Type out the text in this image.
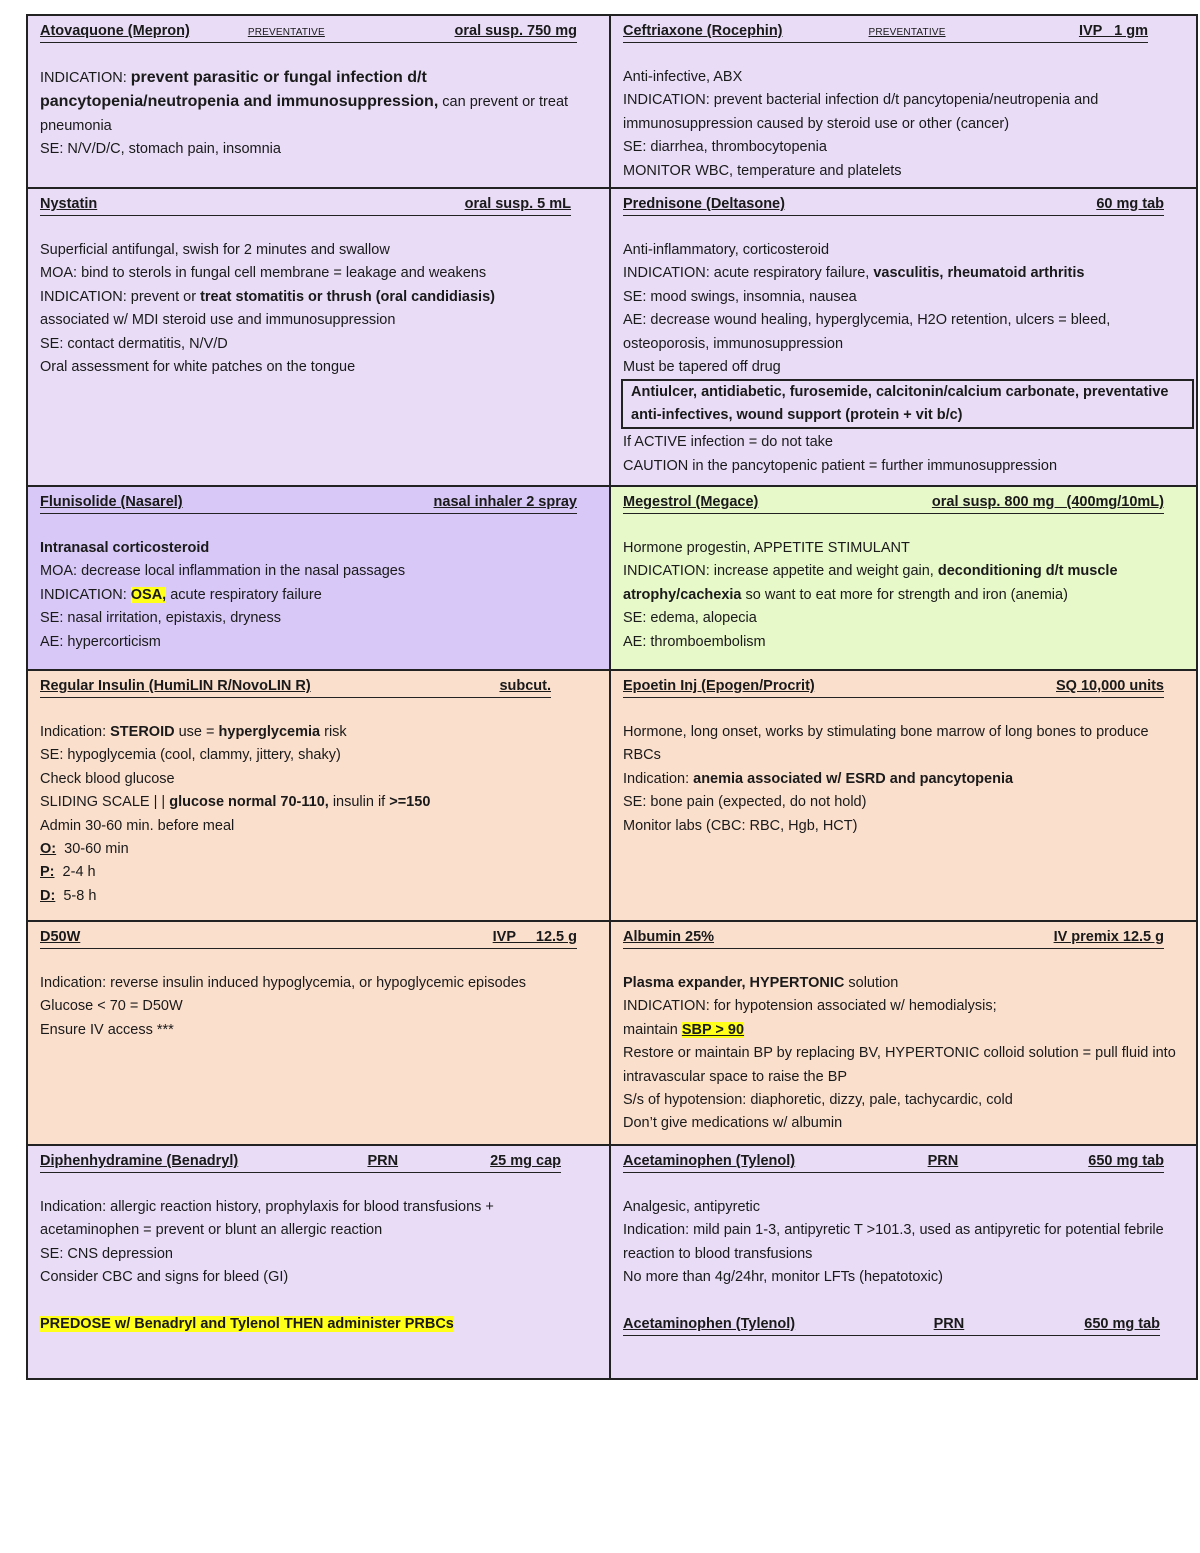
Atovaquone (Mepron)	PREVENTATIVE	oral susp. 750 mg
INDICATION: prevent parasitic or fungal infection d/t pancytopenia/neutropenia and immunosuppression, can prevent or treat pneumonia
SE: N/V/D/C, stomach pain, insomnia
Ceftriaxone (Rocephin)	PREVENTATIVE	IVP   1 gm
Anti-infective, ABX
INDICATION: prevent bacterial infection d/t pancytopenia/neutropenia and immunosuppression caused by steroid use or other (cancer)
SE: diarrhea, thrombocytopenia
MONITOR WBC, temperature and platelets
Nystatin	oral susp. 5 mL
Superficial antifungal, swish for 2 minutes and swallow
MOA: bind to sterols in fungal cell membrane = leakage and weakens
INDICATION: prevent or treat stomatitis or thrush (oral candidiasis)
associated w/ MDI steroid use and immunosuppression
SE: contact dermatitis, N/V/D
Oral assessment for white patches on the tongue
Prednisone (Deltasone)	60 mg tab
Anti-inflammatory, corticosteroid
INDICATION: acute respiratory failure, vasculitis, rheumatoid arthritis
SE: mood swings, insomnia, nausea
AE: decrease wound healing, hyperglycemia, H2O retention, ulcers = bleed, osteoporosis, immunosuppression
Must be tapered off drug
Antiulcer, antidiabetic, furosemide, calcitonin/calcium carbonate, preventative anti-infectives, wound support (protein + vit b/c)
If ACTIVE infection = do not take
CAUTION in the pancytopenic patient = further immunosuppression
Flunisolide (Nasarel)	nasal inhaler 2 spray
Intranasal corticosteroid
MOA: decrease local inflammation in the nasal passages
INDICATION: OSA, acute respiratory failure
SE: nasal irritation, epistaxis, dryness
AE: hypercorticism
Megestrol (Megace)	oral susp. 800 mg   (400mg/10mL)
Hormone progestin, APPETITE STIMULANT
INDICATION: increase appetite and weight gain, deconditioning d/t muscle atrophy/cachexia so want to eat more for strength and iron (anemia)
SE: edema, alopecia
AE: thromboembolism
Regular Insulin (HumiLIN R/NovoLIN R)	subcut.
Indication: STEROID use = hyperglycemia risk
SE: hypoglycemia (cool, clammy, jittery, shaky)
Check blood glucose
SLIDING SCALE | | glucose normal 70-110, insulin if >=150
Admin 30-60 min. before meal
O:  30-60 min
P:  2-4 h
D:  5-8 h
Epoetin Inj (Epogen/Procrit)	SQ 10,000 units
Hormone, long onset, works by stimulating bone marrow of long bones to produce RBCs
Indication: anemia associated w/ ESRD and pancytopenia
SE: bone pain (expected, do not hold)
Monitor labs (CBC: RBC, Hgb, HCT)
D50W	IVP     12.5 g
Indication: reverse insulin induced hypoglycemia, or hypoglycemic episodes
Glucose < 70 = D50W
Ensure IV access ***
Albumin 25%	IV premix 12.5 g
Plasma expander, HYPERTONIC solution
INDICATION: for hypotension associated w/ hemodialysis;
maintain SBP > 90
Restore or maintain BP by replacing BV, HYPERTONIC colloid solution = pull fluid into intravascular space to raise the BP
S/s of hypotension: diaphoretic, dizzy, pale, tachycardic, cold
Don’t give medications w/ albumin
Diphenhydramine (Benadryl)	PRN	25 mg cap
Indication: allergic reaction history, prophylaxis for blood transfusions + acetaminophen = prevent or blunt an allergic reaction
SE: CNS depression
Consider CBC and signs for bleed (GI)
PREDOSE w/ Benadryl and Tylenol THEN administer PRBCs
Acetaminophen (Tylenol)	PRN	650 mg tab
Analgesic, antipyretic
Indication: mild pain 1-3, antipyretic T >101.3, used as antipyretic for potential febrile reaction to blood transfusions
No more than 4g/24hr, monitor LFTs (hepatotoxic)
Acetaminophen (Tylenol)	PRN	650 mg tab
